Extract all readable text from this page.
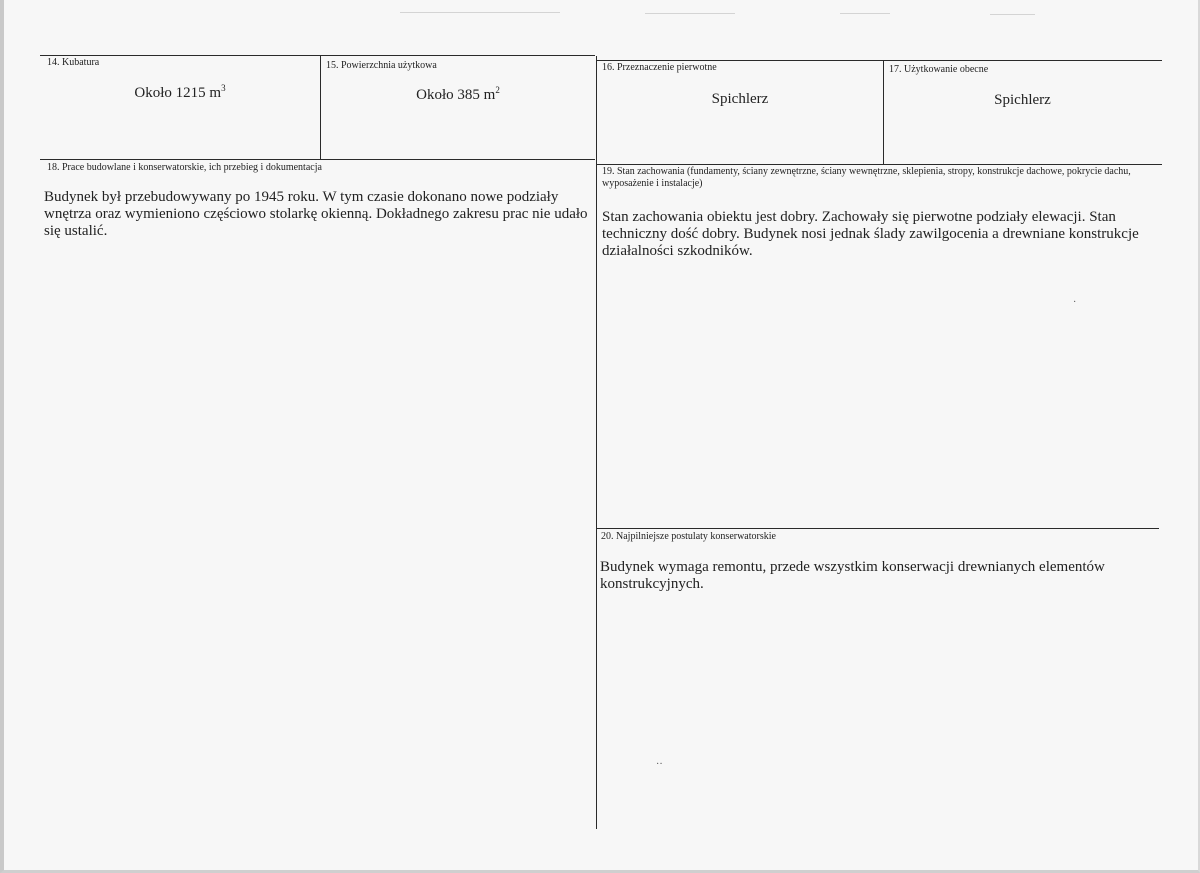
14. Kubatura
Około 1215 $m^3$
15. Powierzchnia użytkowa
Około 385 $m^2$
16. Przeznaczenie pierwotne
Spichlerz
17. Użytkowanie obecne
Spichlerz
18. Prace budowlane i konserwatorskie, ich przebieg i dokumentacja
Budynek był przebudowywany po 1945 roku. W tym czasie dokonano nowe podziały wnętrza oraz wymieniono częściowo stolarkę okienną. Dokładnego zakresu prac nie udało się ustalić.
19. Stan zachowania (fundamenty, ściany zewnętrzne, ściany wewnętrzne, sklepienia, stropy, konstrukcje dachowe, pokrycie dachu, wyposażenie i instalacje)
Stan zachowania obiektu jest dobry. Zachowały się pierwotne podziały elewacji. Stan techniczny dość dobry. Budynek nosi jednak ślady zawilgocenia a drewniane konstrukcje działalności szkodników.
20. Najpilniejsze postulaty konserwatorskie
Budynek wymaga remontu, przede wszystkim konserwacji drewnianych elementów konstrukcyjnych.
·
··
